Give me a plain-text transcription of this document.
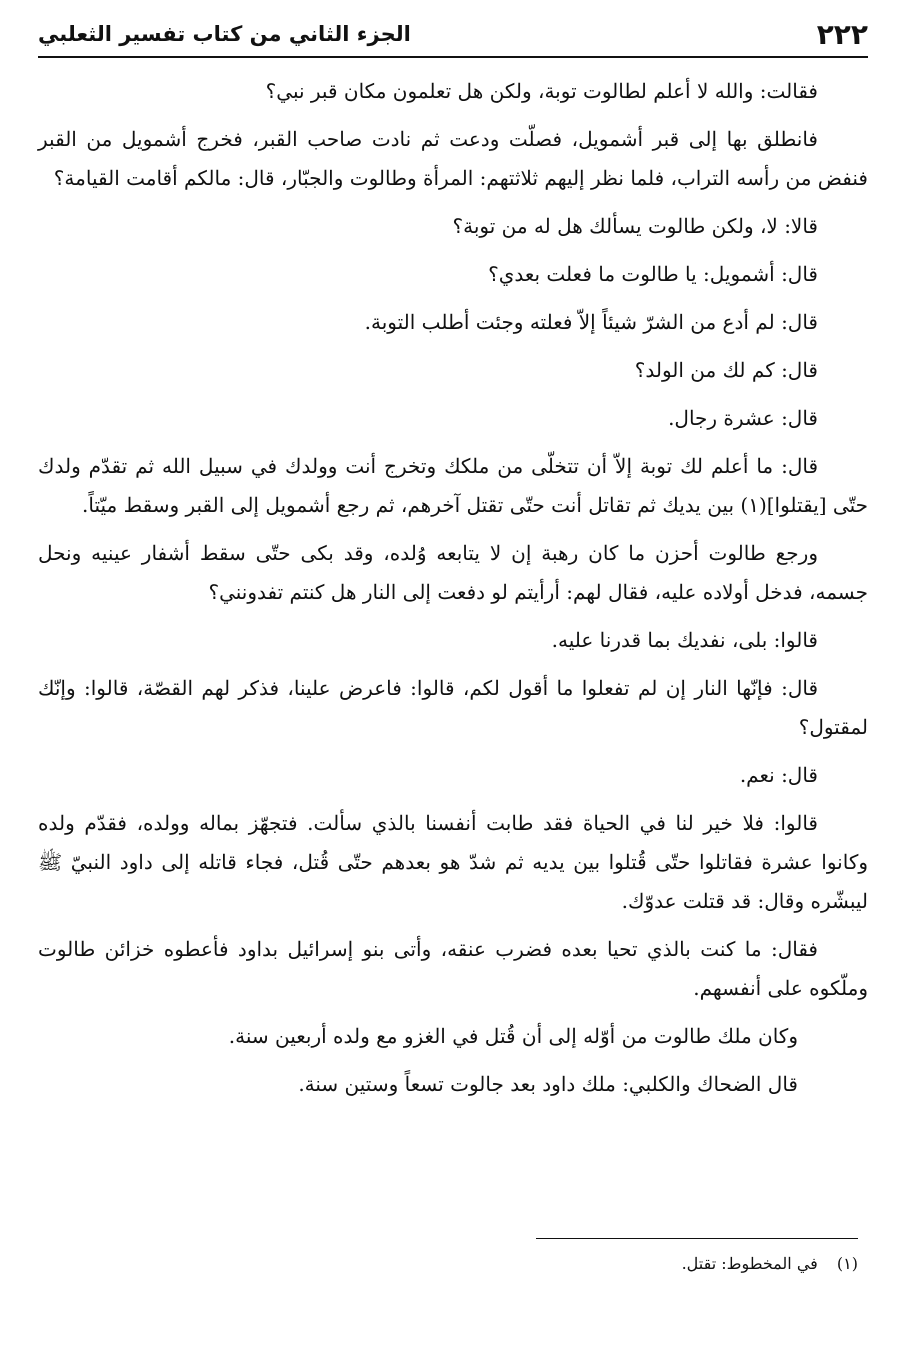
٢٢٢
الجزء الثاني من كتاب تفسير الثعلبي

فقالت: والله لا أعلم لطالوت توبة، ولكن هل تعلمون مكان قبر نبي؟

فانطلق بها إلى قبر أشمويل، فصلّت ودعت ثم نادت صاحب القبر، فخرج أشمويل من القبر فنفض من رأسه التراب، فلما نظر إليهم ثلاثتهم: المرأة وطالوت والجبّار، قال: مالكم أقامت القيامة؟

قالا: لا، ولكن طالوت يسألك هل له من توبة؟

قال: أشمويل: يا طالوت ما فعلت بعدي؟

قال: لم أدع من الشرّ شيئاً إلاّ فعلته وجئت أطلب التوبة.

قال: كم لك من الولد؟

قال: عشرة رجال.

قال: ما أعلم لك توبة إلاّ أن تتخلّى من ملكك وتخرج أنت وولدك في سبيل الله ثم تقدّم ولدك حتّى [يقتلوا](١) بين يديك ثم تقاتل أنت حتّى تقتل آخرهم، ثم رجع أشمويل إلى القبر وسقط ميّتاً.

ورجع طالوت أحزن ما كان رهبة إن لا يتابعه وُلده، وقد بكى حتّى سقط أشفار عينيه ونحل جسمه، فدخل أولاده عليه، فقال لهم: أرأيتم لو دفعت إلى النار هل كنتم تفدونني؟

قالوا: بلى، نفديك بما قدرنا عليه.

قال: فإنّها النار إن لم تفعلوا ما أقول لكم، قالوا: فاعرض علينا، فذكر لهم القصّة، قالوا: وإنّك لمقتول؟

قال: نعم.

قالوا: فلا خير لنا في الحياة فقد طابت أنفسنا بالذي سألت. فتجهّز بماله وولده، فقدّم ولده وكانوا عشرة فقاتلوا حتّى قُتلوا بين يديه ثم شدّ هو بعدهم حتّى قُتل، فجاء قاتله إلى داود النبيّ ﷺ ليبشّره وقال: قد قتلت عدوّك.

فقال: ما كنت بالذي تحيا بعده فضرب عنقه، وأتى بنو إسرائيل بداود فأعطوه خزائن طالوت وملّكوه على أنفسهم.

وكان ملك طالوت من أوّله إلى أن قُتل في الغزو مع ولده أربعين سنة.

قال الضحاك والكلبي: ملك داود بعد جالوت تسعاً وستين سنة.

(١) في المخطوط: تقتل.
